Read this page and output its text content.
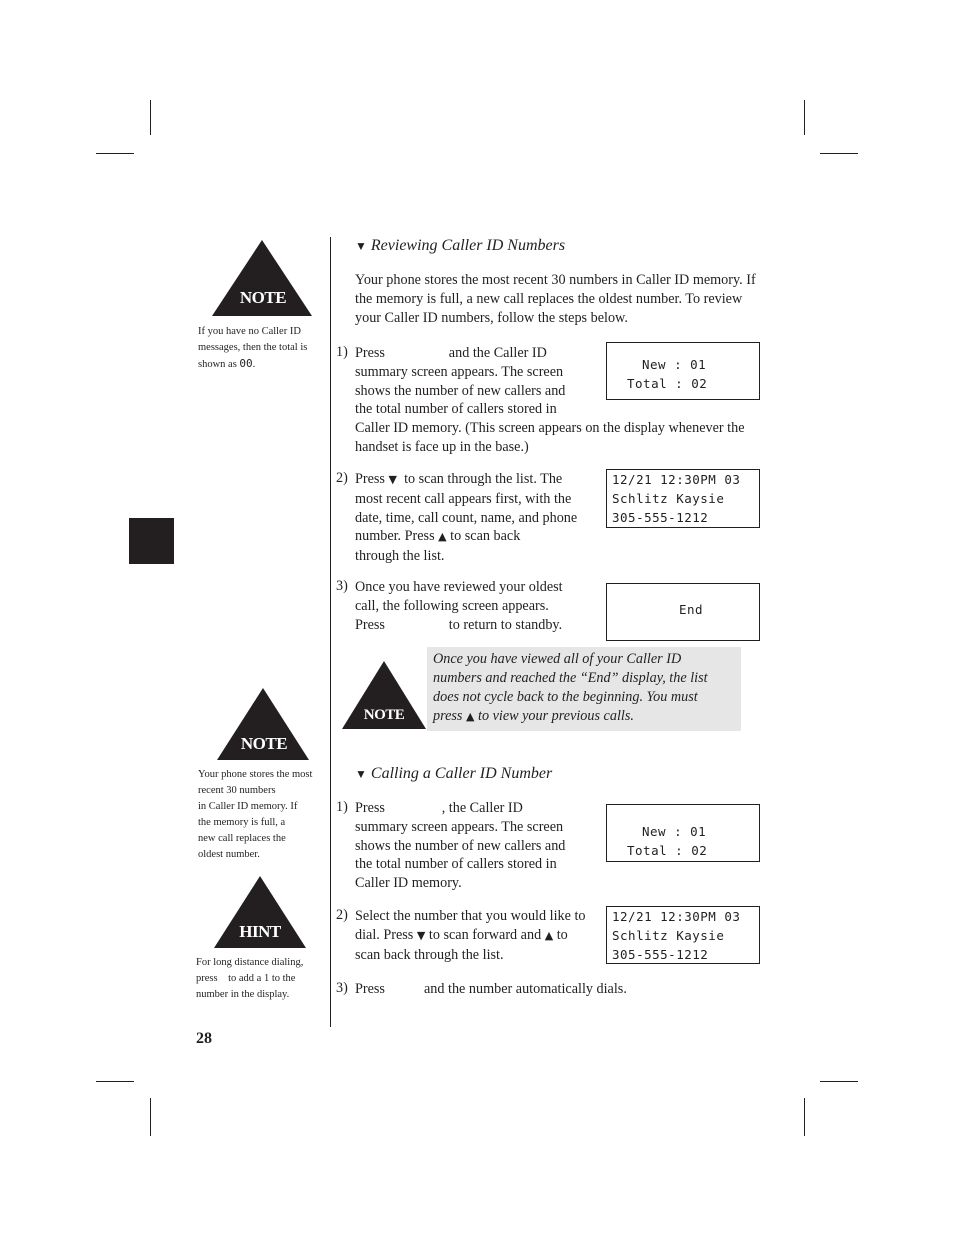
NOTE
If you have no Caller ID messages, then the total is shown as 00.
NOTE
Your phone stores the most
recent 30 numbers
in Caller ID memory. If
the memory is full, a
new call replaces the
oldest number.
HINT
For long distance dialing,
press    to add a 1 to the
number in the display.
28
▼ Reviewing Caller ID Numbers
Your phone stores the most recent 30 numbers in Caller ID memory. If
the memory is full, a new call replaces the oldest number. To review
your Caller ID numbers, follow the steps below.
1) Press                  and the Caller ID
summary screen appears. The screen
shows the number of new callers and
the total number of callers stored in
Caller ID memory. (This screen appears on the display whenever the
handset is face up in the base.)
New : 01
Total : 02
2) Press ▼ to scan through the list. The
most recent call appears first, with the
date, time, call count, name, and phone
number. Press ▲ to scan back
through the list.
12/21 12:30PM 03
Schlitz Kaysie
305-555-1212
3) Once you have reviewed your oldest
call, the following screen appears.
Press                  to return to standby.
End
NOTE
Once you have viewed all of your Caller ID
numbers and reached the “End” display, the list
does not cycle back to the beginning. You must
press ▲ to view your previous calls.
▼ Calling a Caller ID Number
1) Press                , the Caller ID
summary screen appears. The screen
shows the number of new callers and
the total number of callers stored in
Caller ID memory.
New : 01
Total : 02
2) Select the number that you would like to
dial. Press ▼ to scan forward and ▲ to
scan back through the list.
12/21 12:30PM 03
Schlitz Kaysie
305-555-1212
3) Press           and the number automatically dials.
